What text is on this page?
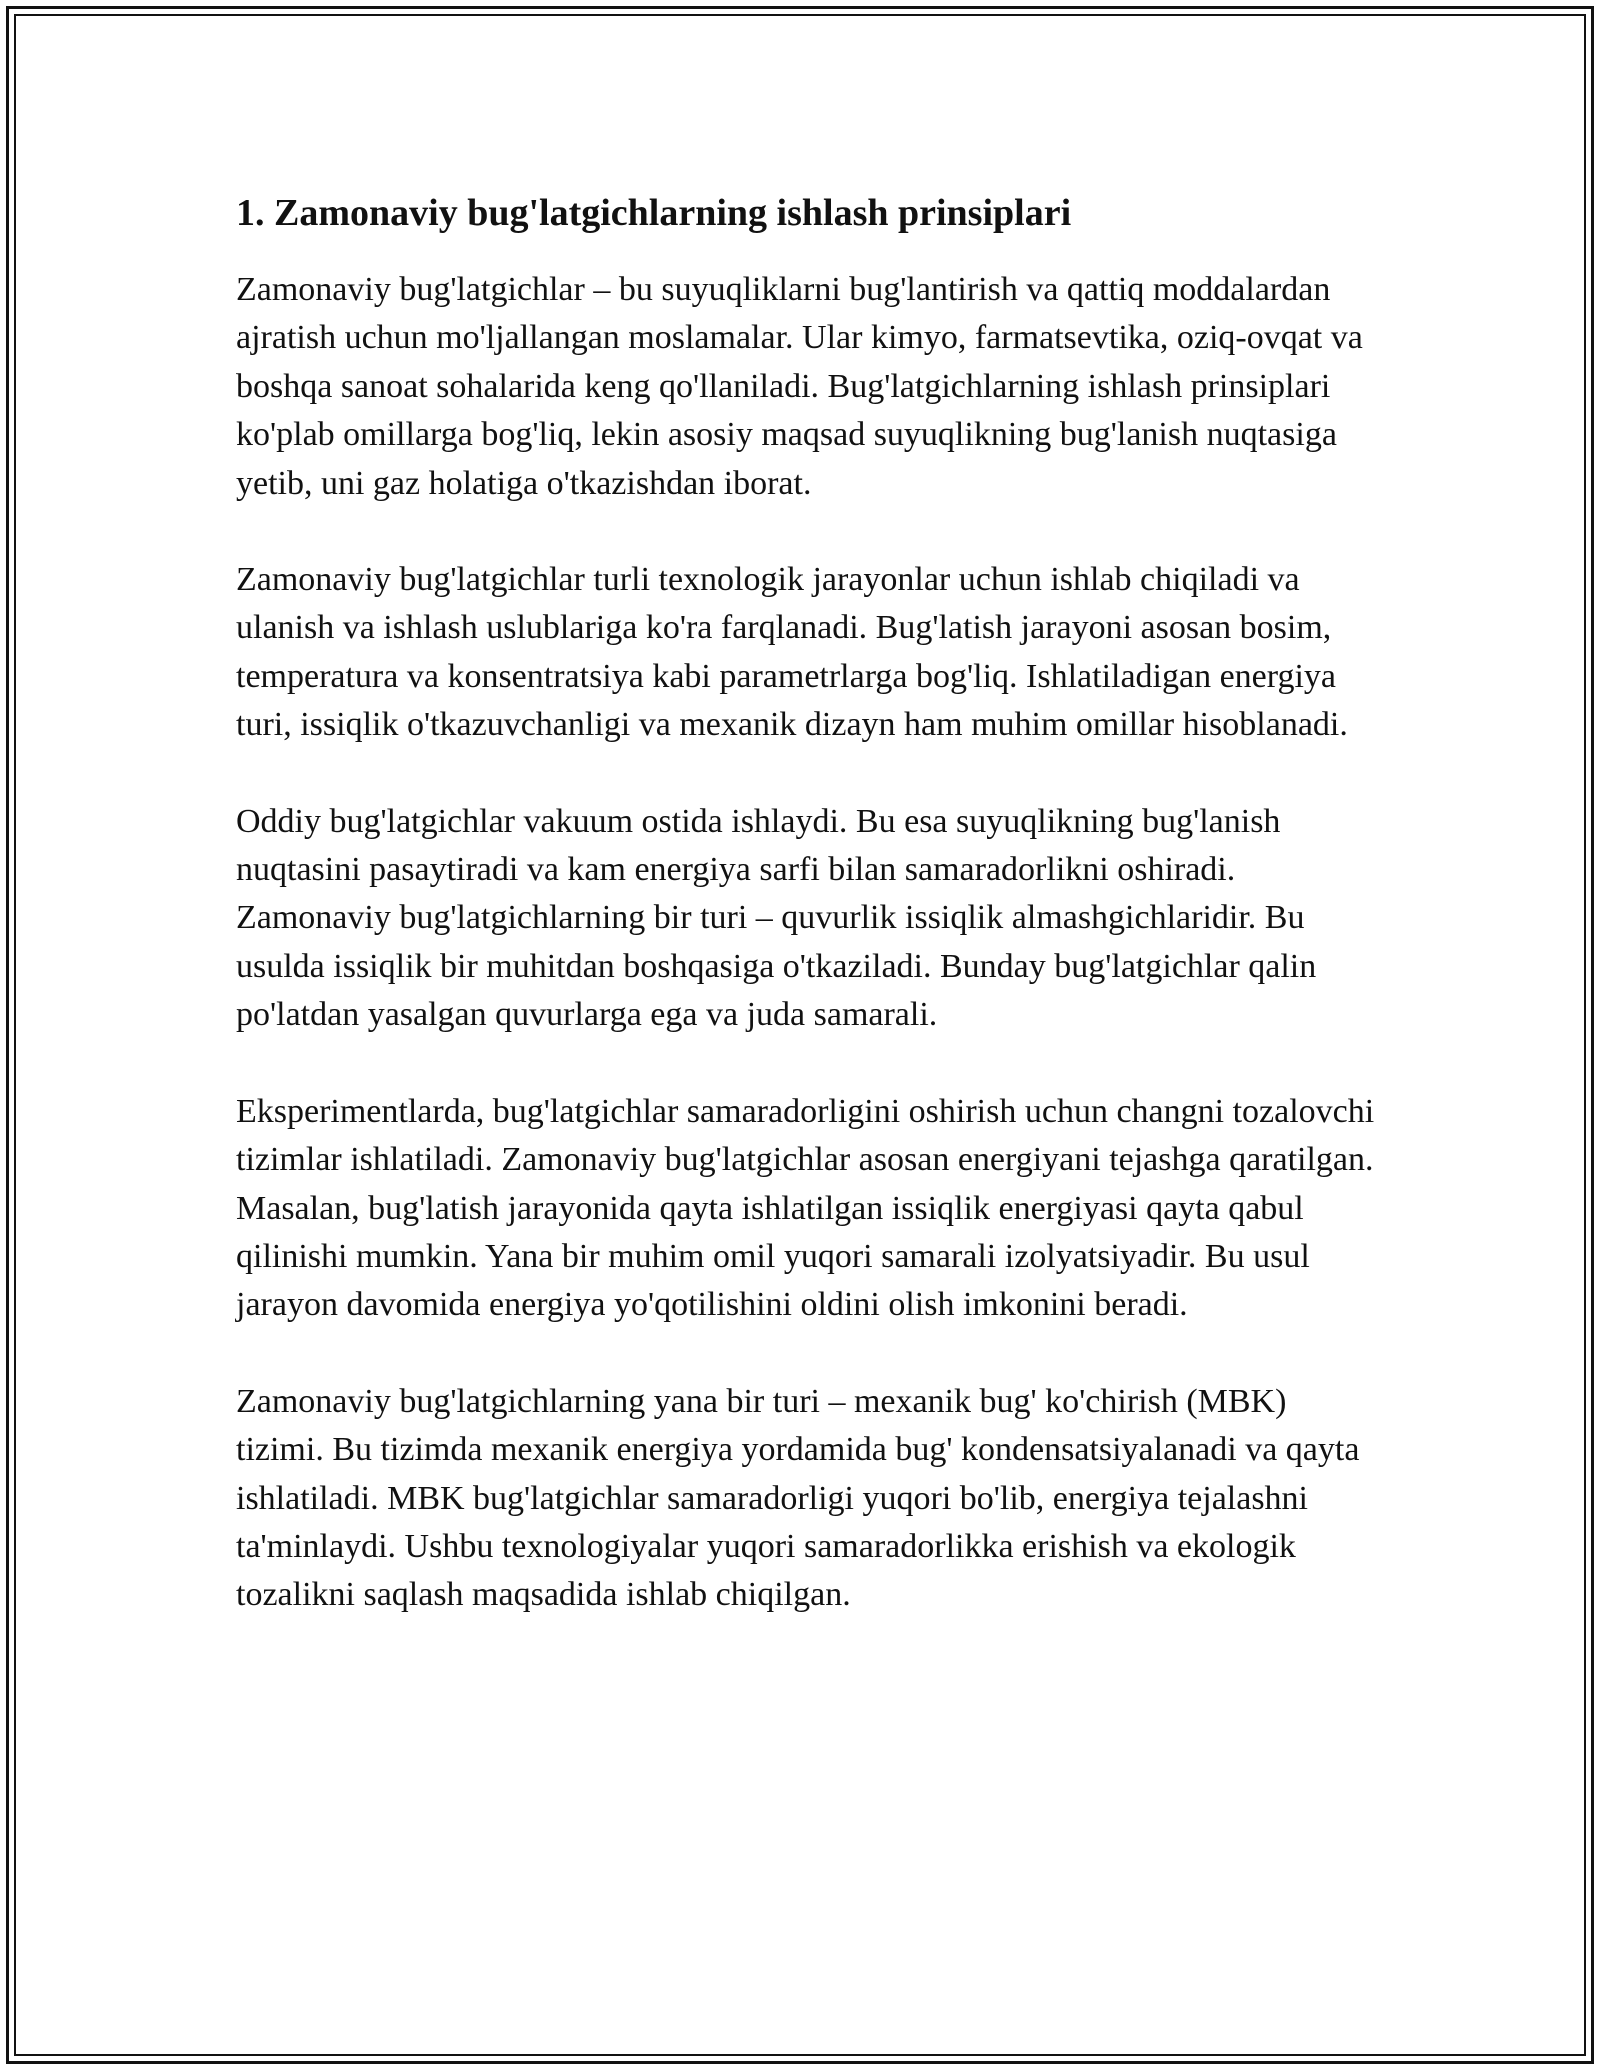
1. Zamonaviy bug'latgichlarning ishlash prinsiplari

Zamonaviy bug'latgichlar – bu suyuqliklarni bug'lantirish va qattiq moddalardan ajratish uchun mo'ljallangan moslamalar. Ular kimyo, farmatsevtika, oziq-ovqat va boshqa sanoat sohalarida keng qo'llaniladi. Bug'latgichlarning ishlash prinsiplari ko'plab omillarga bog'liq, lekin asosiy maqsad suyuqlikning bug'lanish nuqtasiga yetib, uni gaz holatiga o'tkazishdan iborat.

Zamonaviy bug'latgichlar turli texnologik jarayonlar uchun ishlab chiqiladi va ulanish va ishlash uslublariga ko'ra farqlanadi. Bug'latish jarayoni asosan bosim, temperatura va konsentratsiya kabi parametrlarga bog'liq. Ishlatiladigan energiya turi, issiqlik o'tkazuvchanligi va mexanik dizayn ham muhim omillar hisoblanadi.

Oddiy bug'latgichlar vakuum ostida ishlaydi. Bu esa suyuqlikning bug'lanish nuqtasini pasaytiradi va kam energiya sarfi bilan samaradorlikni oshiradi. Zamonaviy bug'latgichlarning bir turi – quvurlik issiqlik almashgichlaridir. Bu usulda issiqlik bir muhitdan boshqasiga o'tkaziladi. Bunday bug'latgichlar qalin po'latdan yasalgan quvurlarga ega va juda samarali.

Eksperimentlarda, bug'latgichlar samaradorligini oshirish uchun changni tozalovchi tizimlar ishlatiladi. Zamonaviy bug'latgichlar asosan energiyani tejashga qaratilgan. Masalan, bug'latish jarayonida qayta ishlatilgan issiqlik energiyasi qayta qabul qilinishi mumkin. Yana bir muhim omil yuqori samarali izolyatsiyadir. Bu usul jarayon davomida energiya yo'qotilishini oldini olish imkonini beradi.

Zamonaviy bug'latgichlarning yana bir turi – mexanik bug' ko'chirish (MBK) tizimi. Bu tizimda mexanik energiya yordamida bug' kondensatsiyalanadi va qayta ishlatiladi. MBK bug'latgichlar samaradorligi yuqori bo'lib, energiya tejalashni ta'minlaydi. Ushbu texnologiyalar yuqori samaradorlikka erishish va ekologik tozalikni saqlash maqsadida ishlab chiqilgan.
